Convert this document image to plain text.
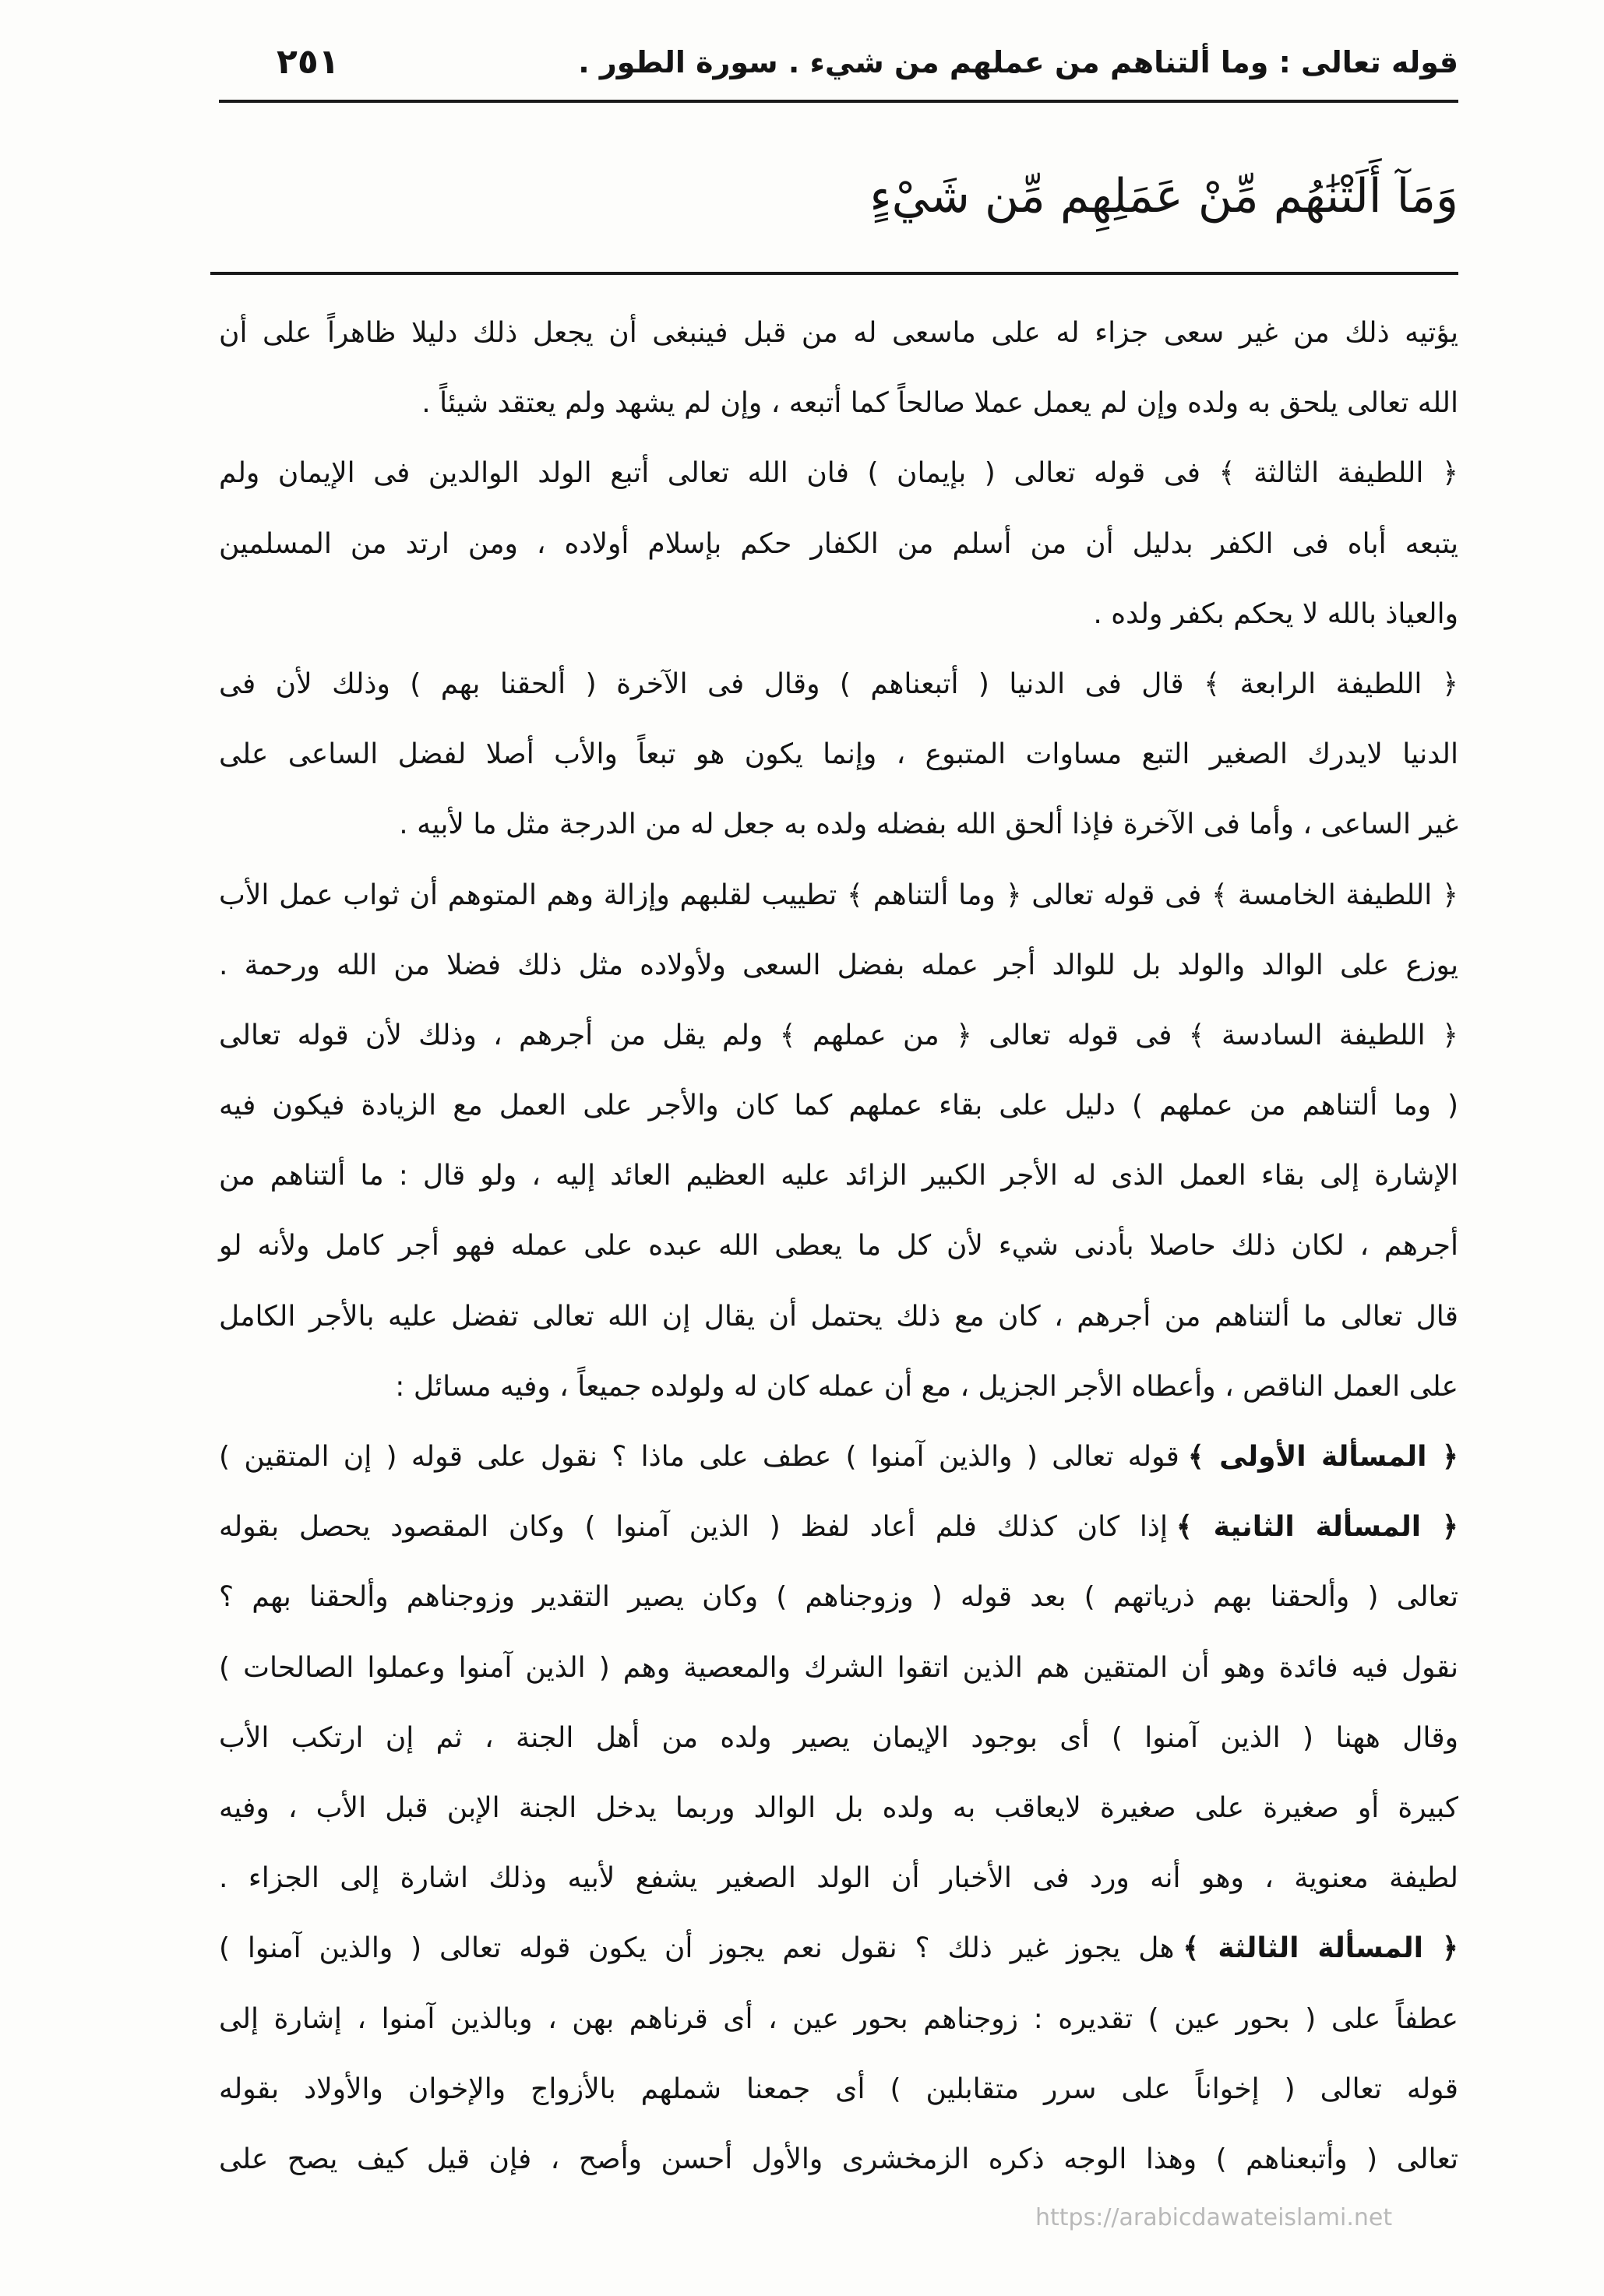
قوله تعالى :وما ألتناهم من عملهم من شيء . سورة الطور .
٢٥١
وَمَآ أَلَتْنَٰهُم مِّنْ عَمَلِهِم مِّن شَيْءٍ
يؤتيه ذلك من غير سعى جزاء له على ماسعى له من قبل فينبغى أن يجعل ذلك دليلا ظاهراً على أن
الله تعالى يلحق به ولده وإن لم يعمل عملا صالحاً كما أتبعه ، وإن لم يشهد ولم يعتقد شيئاً .
﴿ اللطيفة الثالثة ﴾ فى قوله تعالى ( بإيمان ) فان الله تعالى أتبع الولد الوالدين فى الإيمان ولم
يتبعه أباه فى الكفر بدليل أن من أسلم من الكفار حكم بإسلام أولاده ، ومن ارتد من المسلمين
والعياذ بالله لا يحكم بكفر ولده .
﴿ اللطيفة الرابعة ﴾ قال فى الدنيا ( أتبعناهم ) وقال فى الآخرة ( ألحقنا بهم ) وذلك لأن فى
الدنيا لايدرك الصغير التبع مساوات المتبوع ، وإنما يكون هو تبعاً والأب أصلا لفضل الساعى على
غير الساعى ، وأما فى الآخرة فإذا ألحق الله بفضله ولده به جعل له من الدرجة مثل ما لأبيه .
﴿ اللطيفة الخامسة ﴾ فى قوله تعالى ﴿ وما ألتناهم ﴾ تطييب لقلبهم وإزالة وهم المتوهم أن ثواب عمل الأب
يوزع على الوالد والولد بل للوالد أجر عمله بفضل السعى ولأولاده مثل ذلك فضلا من الله ورحمة .
﴿ اللطيفة السادسة ﴾ فى قوله تعالى ﴿ من عملهم ﴾ ولم يقل من أجرهم ، وذلك لأن قوله تعالى
( وما ألتناهم من عملهم ) دليل على بقاء عملهم كما كان والأجر على العمل مع الزيادة فيكون فيه
الإشارة إلى بقاء العمل الذى له الأجر الكبير الزائد عليه العظيم العائد إليه ، ولو قال : ما ألتناهم من
أجرهم ، لكان ذلك حاصلا بأدنى شيء لأن كل ما يعطى الله عبده على عمله فهو أجر كامل ولأنه لو
قال تعالى ما ألتناهم من أجرهم ، كان مع ذلك يحتمل أن يقال إن الله تعالى تفضل عليه بالأجر الكامل
على العمل الناقص ، وأعطاه الأجر الجزيل ، مع أن عمله كان له ولولده جميعاً ، وفيه مسائل :
﴿ المسألة الأولى ﴾قوله تعالى ( والذين آمنوا ) عطف على ماذا ؟ نقول على قوله ( إن المتقين )
﴿ المسألة الثانية ﴾إذا كان كذلك فلم أعاد لفظ ( الذين آمنوا ) وكان المقصود يحصل بقوله
تعالى ( وألحقنا بهم ذرياتهم ) بعد قوله ( وزوجناهم ) وكان يصير التقدير وزوجناهم وألحقنا بهم ؟
نقول فيه فائدة وهو أن المتقين هم الذين اتقوا الشرك والمعصية وهم ( الذين آمنوا وعملوا الصالحات )
وقال ههنا ( الذين آمنوا ) أى بوجود الإيمان يصير ولده من أهل الجنة ، ثم إن ارتكب الأب
كبيرة أو صغيرة على صغيرة لايعاقب به ولده بل الوالد وربما يدخل الجنة الإبن قبل الأب ، وفيه
لطيفة معنوية ، وهو أنه ورد فى الأخبار أن الولد الصغير يشفع لأبيه وذلك اشارة إلى الجزاء .
﴿ المسألة الثالثة ﴾هل يجوز غير ذلك ؟ نقول نعم يجوز أن يكون قوله تعالى ( والذين آمنوا )
عطفاً على ( بحور عين ) تقديره : زوجناهم بحور عين ، أى قرناهم بهن ، وبالذين آمنوا ، إشارة إلى
قوله تعالى ( إخواناً على سرر متقابلين ) أى جمعنا شملهم بالأزواج والإخوان والأولاد بقوله
تعالى ( وأتبعناهم ) وهذا الوجه ذكره الزمخشرى والأول أحسن وأصح ، فإن قيل كيف يصح على
https://arabicdawateislami.net
